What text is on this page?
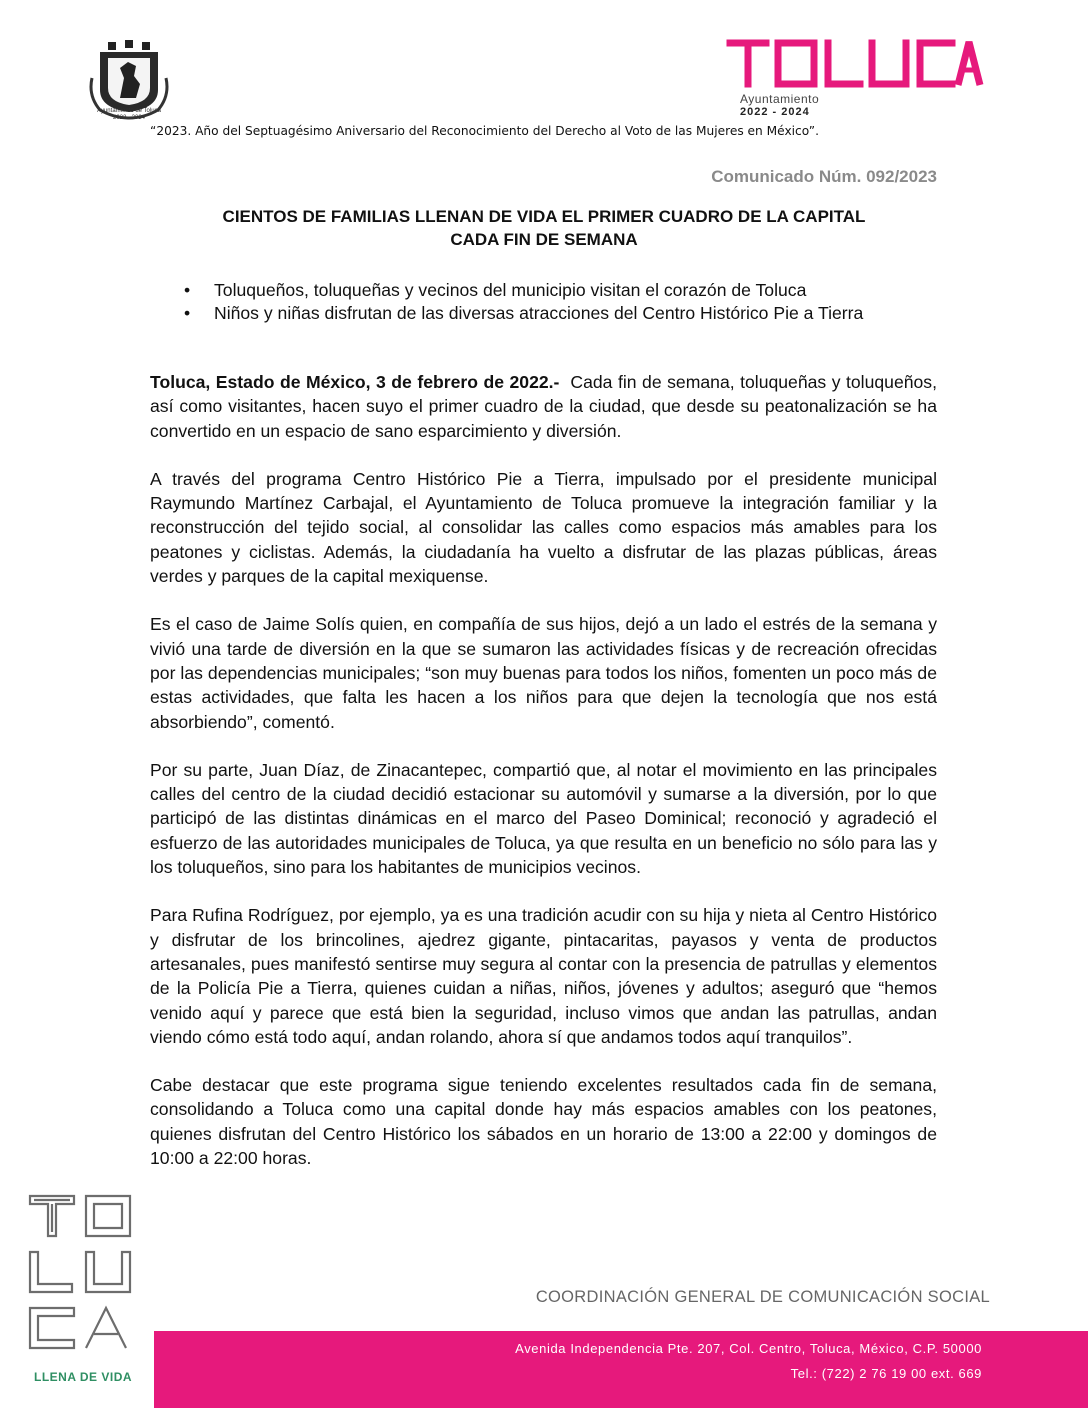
Ayuntamiento de Toluca
2022 - 2024
TOLUCA
Ayuntamiento
2022 - 2024
“2023. Año del Septuagésimo Aniversario del Reconocimiento del Derecho al Voto de las Mujeres en México”.
Comunicado Núm. 092/2023
CIENTOS DE FAMILIAS LLENAN DE VIDA EL PRIMER CUADRO DE LA CAPITAL
CADA FIN DE SEMANA
• Toluqueños, toluqueñas y vecinos del municipio visitan el corazón de Toluca
• Niños y niñas disfrutan de las diversas atracciones del Centro Histórico Pie a Tierra

Toluca, Estado de México, 3 de febrero de 2022.- Cada fin de semana, toluqueñas y toluqueños, así como visitantes, hacen suyo el primer cuadro de la ciudad, que desde su peatonalización se ha convertido en un espacio de sano esparcimiento y diversión.

A través del programa Centro Histórico Pie a Tierra, impulsado por el presidente municipal Raymundo Martínez Carbajal, el Ayuntamiento de Toluca promueve la integración familiar y la reconstrucción del tejido social, al consolidar las calles como espacios más amables para los peatones y ciclistas. Además, la ciudadanía ha vuelto a disfrutar de las plazas públicas, áreas verdes y parques de la capital mexiquense.

Es el caso de Jaime Solís quien, en compañía de sus hijos, dejó a un lado el estrés de la semana y vivió una tarde de diversión en la que se sumaron las actividades físicas y de recreación ofrecidas por las dependencias municipales; “son muy buenas para todos los niños, fomenten un poco más de estas actividades, que falta les hacen a los niños para que dejen la tecnología que nos está absorbiendo”, comentó.

Por su parte, Juan Díaz, de Zinacantepec, compartió que, al notar el movimiento en las principales calles del centro de la ciudad decidió estacionar su automóvil y sumarse a la diversión, por lo que participó de las distintas dinámicas en el marco del Paseo Dominical; reconoció y agradeció el esfuerzo de las autoridades municipales de Toluca, ya que resulta en un beneficio no sólo para las y los toluqueños, sino para los habitantes de municipios vecinos.

Para Rufina Rodríguez, por ejemplo, ya es una tradición acudir con su hija y nieta al Centro Histórico y disfrutar de los brincolines, ajedrez gigante, pintacaritas, payasos y venta de productos artesanales, pues manifestó sentirse muy segura al contar con la presencia de patrullas y elementos de la Policía Pie a Tierra, quienes cuidan a niñas, niños, jóvenes y adultos; aseguró que “hemos venido aquí y parece que está bien la seguridad, incluso vimos que andan las patrullas, andan viendo cómo está todo aquí, andan rolando, ahora sí que andamos todos aquí tranquilos”.

Cabe destacar que este programa sigue teniendo excelentes resultados cada fin de semana, consolidando a Toluca como una capital donde hay más espacios amables con los peatones, quienes disfrutan del Centro Histórico los sábados en un horario de 13:00 a 22:00 y domingos de 10:00 a 22:00 horas.

TOLUCA
LLENA DE VIDA
COORDINACIÓN GENERAL DE COMUNICACIÓN SOCIAL
Avenida Independencia Pte. 207, Col. Centro, Toluca, México, C.P. 50000
Tel.: (722) 2 76 19 00 ext. 669
